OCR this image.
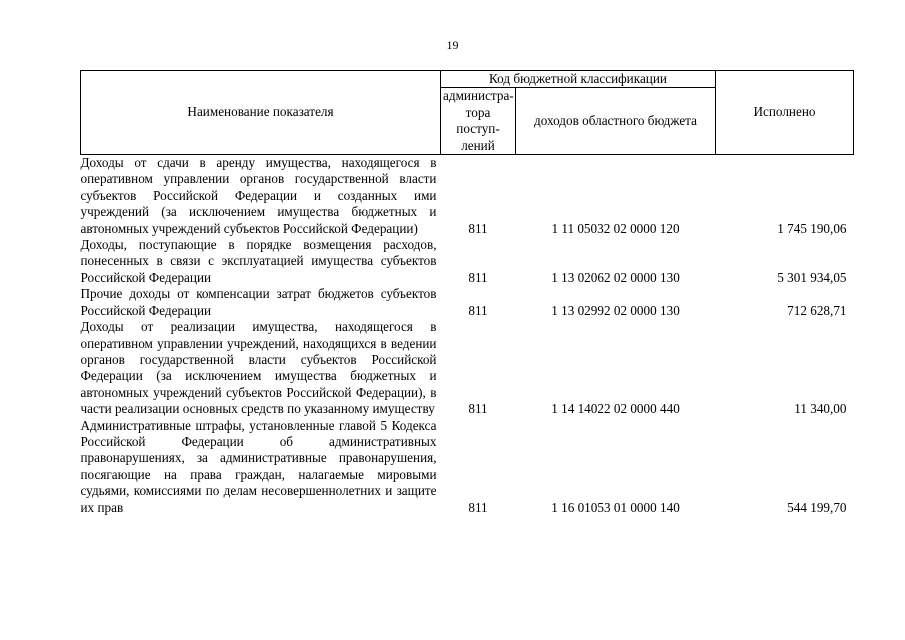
19
Наименование показателя	Код бюджетной классификации		Исполнено
	администра-тора поступ-лений	доходов областного бюджета	
Доходы от сдачи в аренду имущества, находящегося в оперативном управлении органов государственной власти субъектов Российской Федерации и созданных ими учреждений (за исключением имущества бюджетных и автономных учреждений субъектов Российской Федерации)	811	1 11 05032 02 0000 120	1 745 190,06
Доходы, поступающие в порядке возмещения расходов, понесенных в связи с эксплуатацией имущества субъектов Российской Федерации	811	1 13 02062 02 0000 130	5 301 934,05
Прочие доходы от компенсации затрат бюджетов субъектов Российской Федерации	811	1 13 02992 02 0000 130	712 628,71
Доходы от реализации имущества, находящегося в оперативном управлении учреждений, находящихся в ведении органов государственной власти субъектов Российской Федерации (за исключением имущества бюджетных и автономных учреждений субъектов Российской Федерации), в части реализации основных средств по указанному имуществу	811	1 14 14022 02 0000 440	11 340,00
Административные штрафы, установленные главой 5 Кодекса Российской Федерации об административных правонарушениях, за административные правонарушения, посягающие на права граждан, налагаемые мировыми судьями, комиссиями по делам несовершеннолетних и защите их прав	811	1 16 01053 01 0000 140	544 199,70
